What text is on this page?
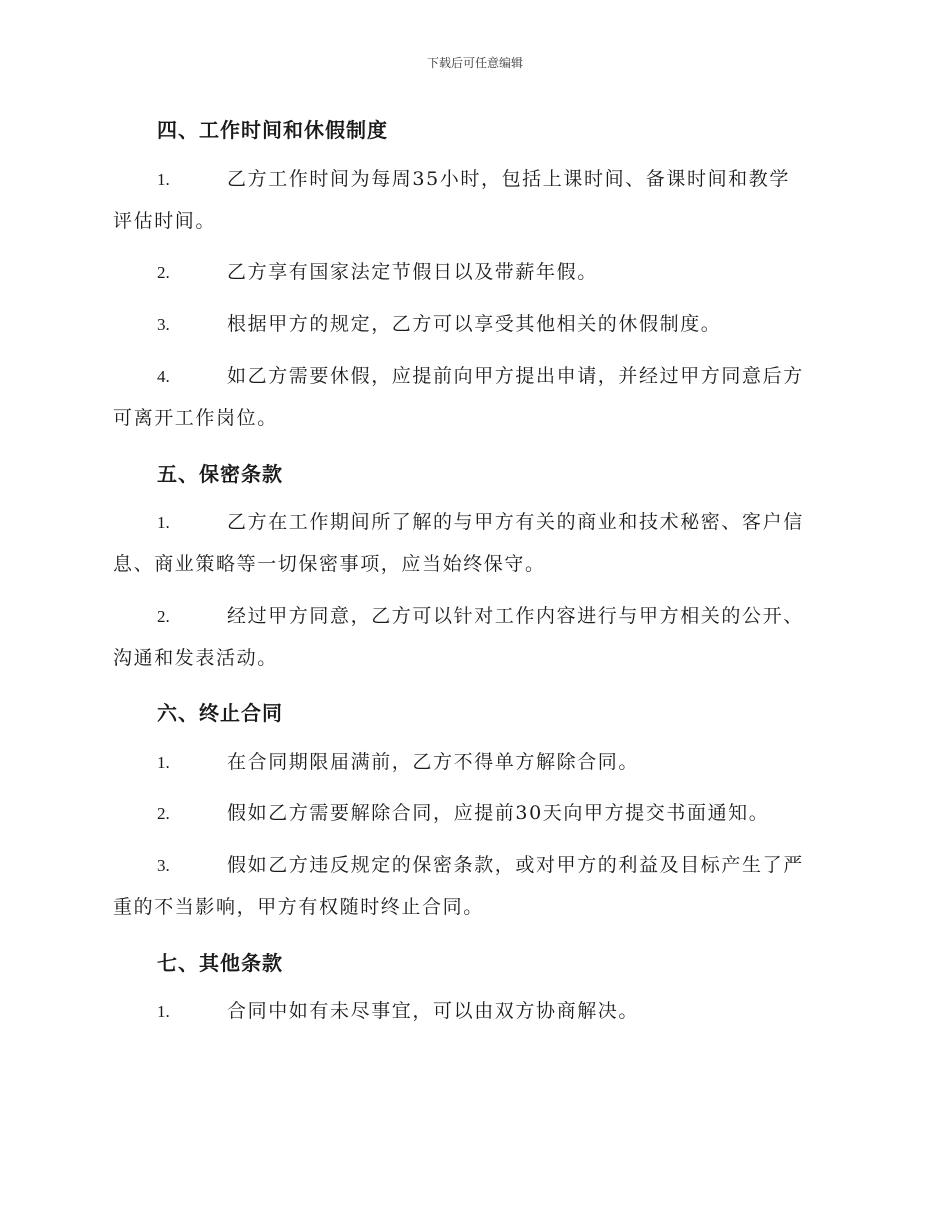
下载后可任意编辑
四、工作时间和休假制度
1.	乙方工作时间为每周35小时，包括上课时间、备课时间和教学
评估时间。
2.	乙方享有国家法定节假日以及带薪年假。
3.	根据甲方的规定，乙方可以享受其他相关的休假制度。
4.	如乙方需要休假，应提前向甲方提出申请，并经过甲方同意后方
可离开工作岗位。
五、保密条款
1.	乙方在工作期间所了解的与甲方有关的商业和技术秘密、客户信
息、商业策略等一切保密事项，应当始终保守。
2.	经过甲方同意，乙方可以针对工作内容进行与甲方相关的公开、
沟通和发表活动。
六、终止合同
1.	在合同期限届满前，乙方不得单方解除合同。
2.	假如乙方需要解除合同，应提前30天向甲方提交书面通知。
3.	假如乙方违反规定的保密条款，或对甲方的利益及目标产生了严
重的不当影响，甲方有权随时终止合同。
七、其他条款
1.	合同中如有未尽事宜，可以由双方协商解决。
